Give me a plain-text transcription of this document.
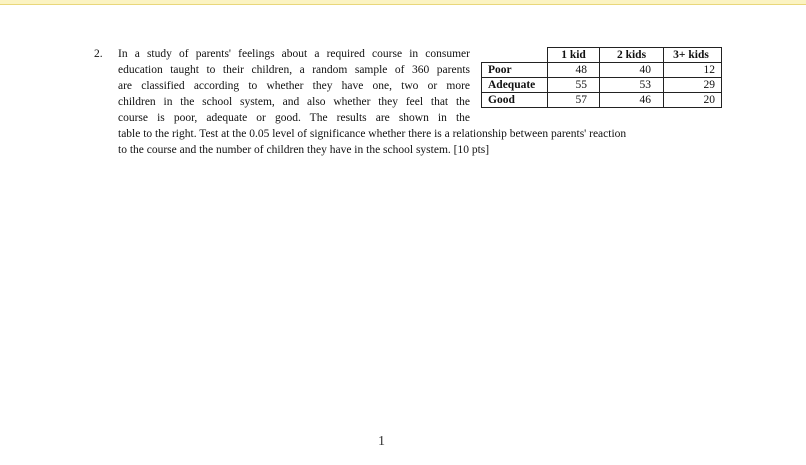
2. In a study of parents' feelings about a required course in consumer
education taught to their children, a random sample of 360 parents
are classified according to whether they have one, two or more
children in the school system, and also whether they feel that the
course is poor, adequate or good. The results are shown in the
table to the right. Test at the 0.05 level of significance whether there is a relationship between parents' reaction
to the course and the number of children they have in the school system. [10 pts]
	1 kid	2 kids	3+ kids
Poor	48	40	12
Adequate	55	53	29
Good	57	46	20
1
